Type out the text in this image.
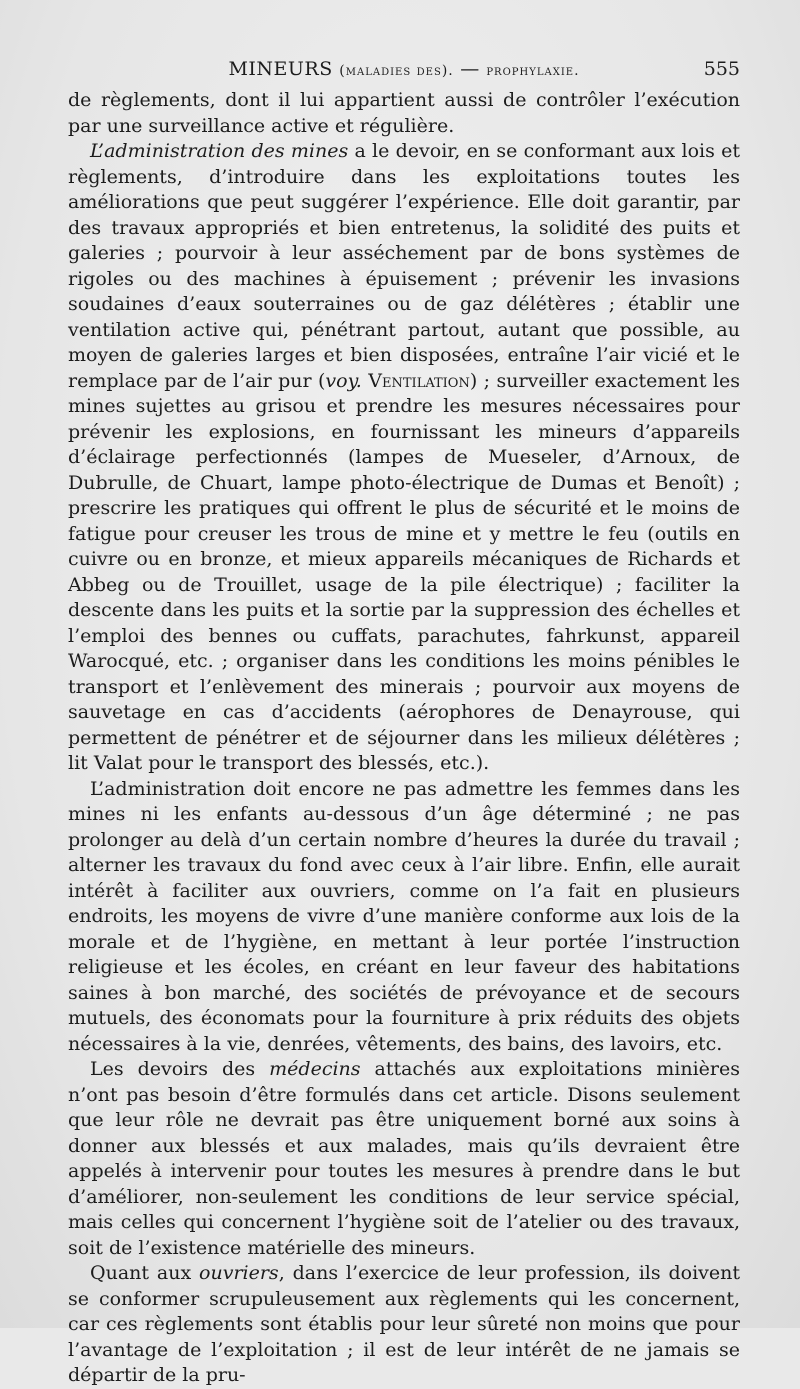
MINEURS (maladies des). — prophylaxie.	555

de règlements, dont il lui appartient aussi de contrôler l’exécution par une surveillance active et régulière.

L’administration des mines a le devoir, en se conformant aux lois et règlements, d’introduire dans les exploitations toutes les améliorations que peut suggérer l’expérience. Elle doit garantir, par des travaux appropriés et bien entretenus, la solidité des puits et galeries ; pourvoir à leur asséchement par de bons systèmes de rigoles ou des machines à épuisement ; prévenir les invasions soudaines d’eaux souterraines ou de gaz délétères ; établir une ventilation active qui, pénétrant partout, autant que possible, au moyen de galeries larges et bien disposées, entraîne l’air vicié et le remplace par de l’air pur (voy. Ventilation) ; surveiller exactement les mines sujettes au grisou et prendre les mesures nécessaires pour prévenir les explosions, en fournissant les mineurs d’appareils d’éclairage perfectionnés (lampes de Mueseler, d’Arnoux, de Dubrulle, de Chuart, lampe photo-électrique de Dumas et Benoît) ; prescrire les pratiques qui offrent le plus de sécurité et le moins de fatigue pour creuser les trous de mine et y mettre le feu (outils en cuivre ou en bronze, et mieux appareils mécaniques de Richards et Abbeg ou de Trouillet, usage de la pile électrique) ; faciliter la descente dans les puits et la sortie par la suppression des échelles et l’emploi des bennes ou cuffats, parachutes, fahrkunst, appareil Warocqué, etc. ; organiser dans les conditions les moins pénibles le transport et l’enlèvement des minerais ; pourvoir aux moyens de sauvetage en cas d’accidents (aérophores de Denayrouse, qui permettent de pénétrer et de séjourner dans les milieux délétères ; lit Valat pour le transport des blessés, etc.).

L’administration doit encore ne pas admettre les femmes dans les mines ni les enfants au-dessous d’un âge déterminé ; ne pas prolonger au delà d’un certain nombre d’heures la durée du travail ; alterner les travaux du fond avec ceux à l’air libre. Enfin, elle aurait intérêt à faciliter aux ouvriers, comme on l’a fait en plusieurs endroits, les moyens de vivre d’une manière conforme aux lois de la morale et de l’hygiène, en mettant à leur portée l’instruction religieuse et les écoles, en créant en leur faveur des habitations saines à bon marché, des sociétés de prévoyance et de secours mutuels, des économats pour la fourniture à prix réduits des objets nécessaires à la vie, denrées, vêtements, des bains, des lavoirs, etc.

Les devoirs des médecins attachés aux exploitations minières n’ont pas besoin d’être formulés dans cet article. Disons seulement que leur rôle ne devrait pas être uniquement borné aux soins à donner aux blessés et aux malades, mais qu’ils devraient être appelés à intervenir pour toutes les mesures à prendre dans le but d’améliorer, non-seulement les conditions de leur service spécial, mais celles qui concernent l’hygiène soit de l’atelier ou des travaux, soit de l’existence matérielle des mineurs.

Quant aux ouvriers, dans l’exercice de leur profession, ils doivent se conformer scrupuleusement aux règlements qui les concernent, car ces règlements sont établis pour leur sûreté non moins que pour l’avantage de l’exploitation ; il est de leur intérêt de ne jamais se départir de la pru-
